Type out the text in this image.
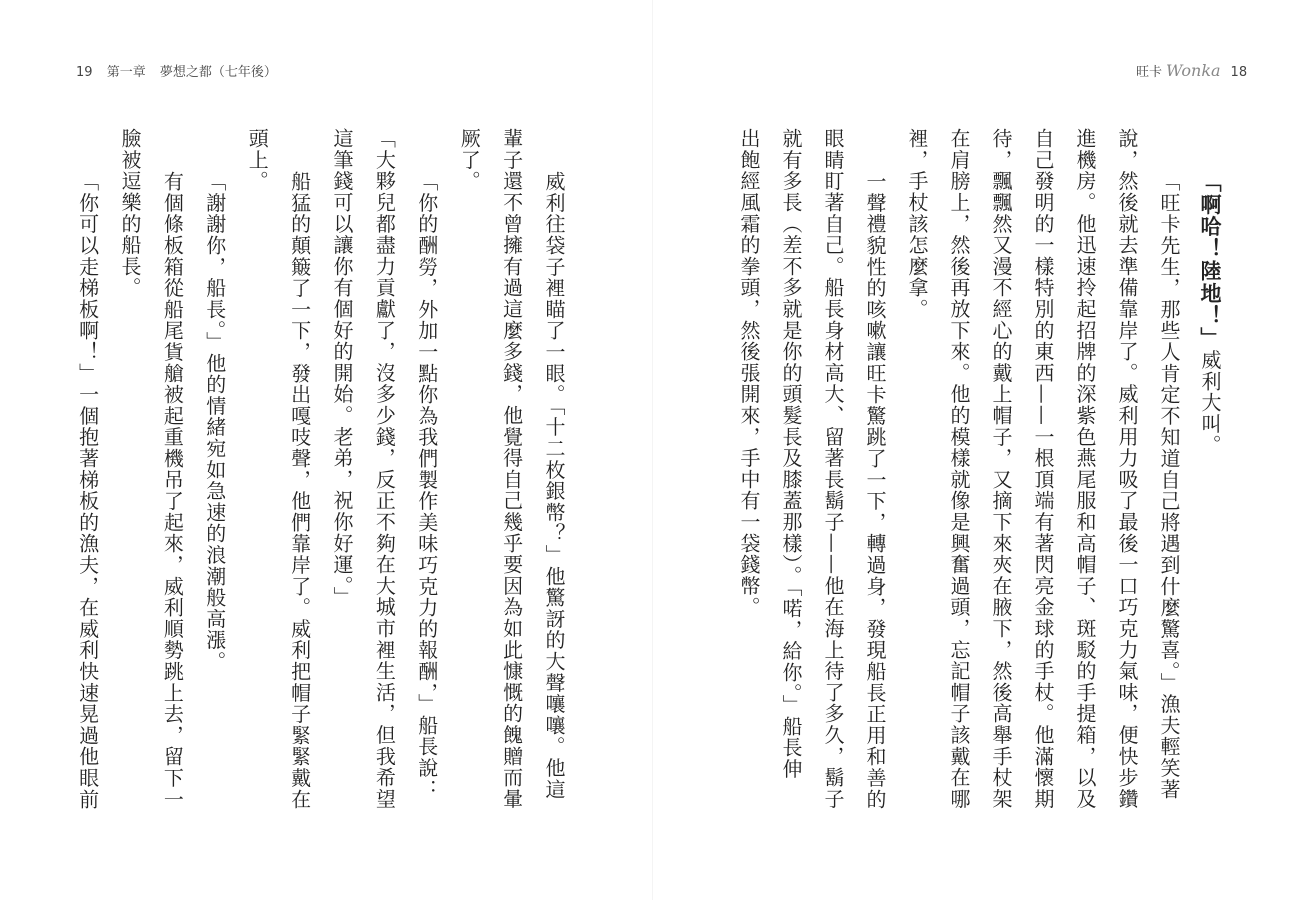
19 第一章 夢想之都（七年後）	旺卡 Wonka 18
「啊哈！陸地！」威利大叫。
「旺卡先生，那些人肯定不知道自己將遇到什麼驚喜。」漁夫輕笑著
說，然後就去準備靠岸了。威利用力吸了最後一口巧克力氣味，便快步鑽
進機房。他迅速拎起招牌的深紫色燕尾服和高帽子、斑駁的手提箱，以及
自己發明的一樣特別的東西——一根頂端有著閃亮金球的手杖。他滿懷期
待，飄飄然又漫不經心的戴上帽子，又摘下來夾在腋下，然後高舉手杖架
在肩膀上，然後再放下來。他的模樣就像是興奮過頭，忘記帽子該戴在哪
裡，手杖該怎麼拿。
一聲禮貌性的咳嗽讓旺卡驚跳了一下，轉過身，發現船長正用和善的
眼睛盯著自己。船長身材高大、留著長鬍子——他在海上待了多久，鬍子
就有多長（差不多就是你的頭髮長及膝蓋那樣）。「喏，給你。」船長伸
出飽經風霜的拳頭，然後張開來，手中有一袋錢幣。
威利往袋子裡瞄了一眼。「十二枚銀幣？」他驚訝的大聲嚷嚷。他這
輩子還不曾擁有過這麼多錢，他覺得自己幾乎要因為如此慷慨的餽贈而暈
厥了。
「你的酬勞，外加一點你為我們製作美味巧克力的報酬，」船長說：
「大夥兒都盡力貢獻了，沒多少錢，反正不夠在大城市裡生活，但我希望
這筆錢可以讓你有個好的開始。老弟，祝你好運。」
船猛的顛簸了一下，發出嘎吱聲，他們靠岸了。威利把帽子緊緊戴在
頭上。
「謝謝你，船長。」他的情緒宛如急速的浪潮般高漲。
有個條板箱從船尾貨艙被起重機吊了起來，威利順勢跳上去，留下一
臉被逗樂的船長。
「你可以走梯板啊！」一個抱著梯板的漁夫，在威利快速晃過他眼前
